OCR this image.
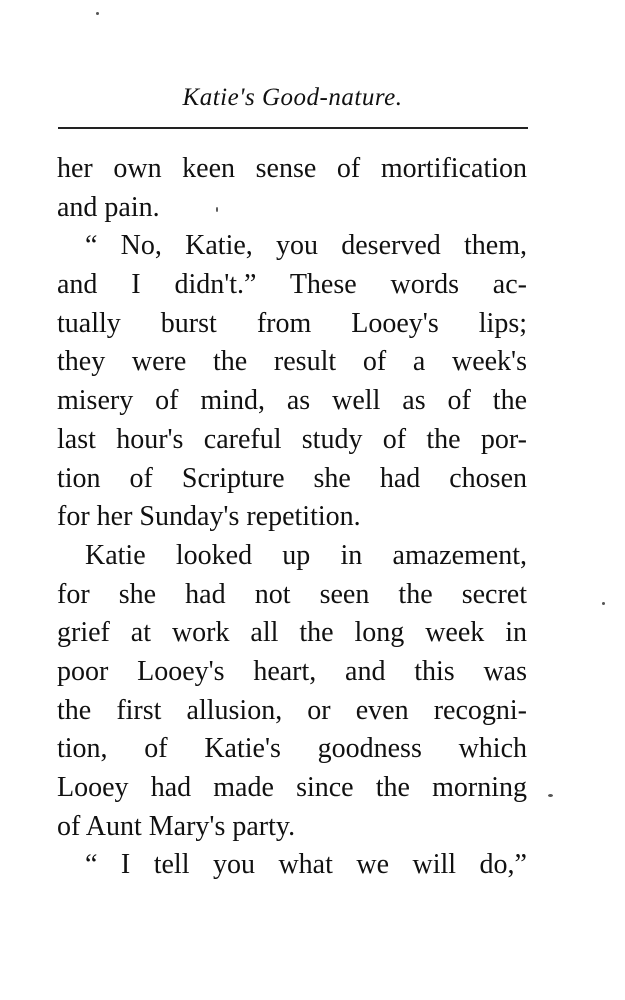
Katie's Good-nature.
her own keen sense of mortification
and pain.
“ No, Katie, you deserved them,
and I didn't.” These words ac-
tually burst from Looey's lips;
they were the result of a week's
misery of mind, as well as of the
last hour's careful study of the por-
tion of Scripture she had chosen
for her Sunday's repetition.
Katie looked up in amazement,
for she had not seen the secret
grief at work all the long week in
poor Looey's heart, and this was
the first allusion, or even recogni-
tion, of Katie's goodness which
Looey had made since the morning
of Aunt Mary's party.
“ I tell you what we will do,”
